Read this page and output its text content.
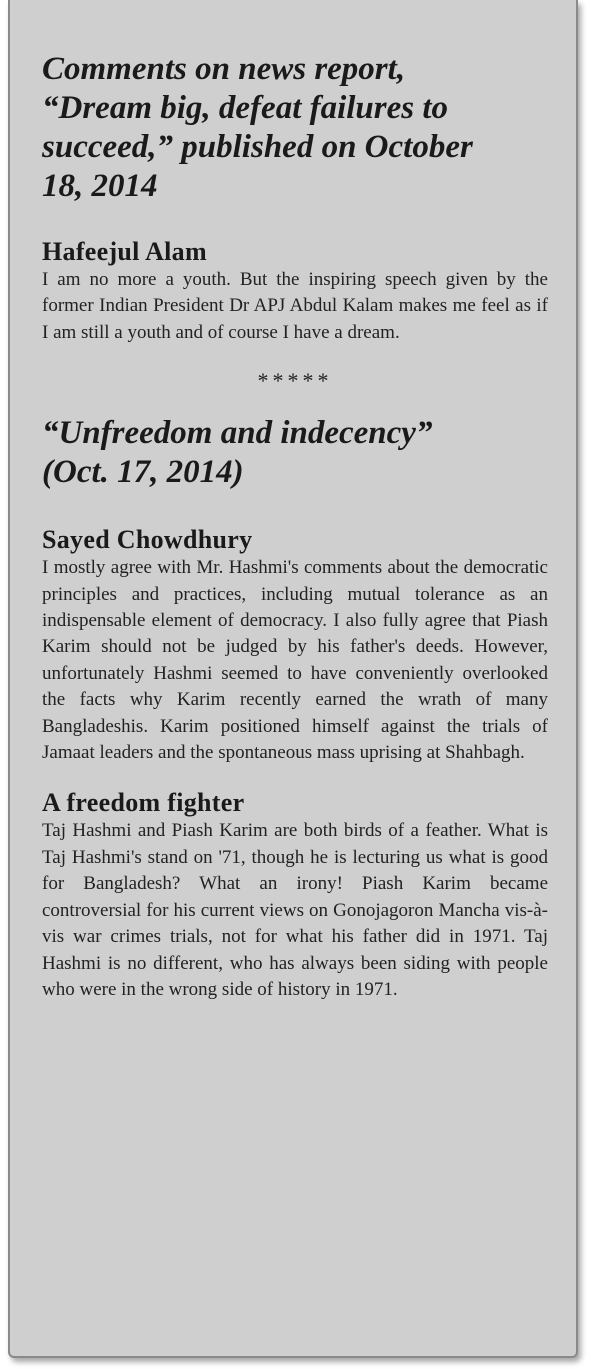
Comments on news report, “Dream big, defeat failures to succeed,” published on October 18, 2014
Hafeejul Alam

I am no more a youth. But the inspiring speech given by the former Indian President Dr APJ Abdul Kalam makes me feel as if I am still a youth and of course I have a dream.

*****

“Unfreedom and indecency” (Oct. 17, 2014)
Sayed Chowdhury

I mostly agree with Mr. Hashmi's comments about the democratic principles and practices, including mutual tolerance as an indispensable element of democracy. I also fully agree that Piash Karim should not be judged by his father's deeds. However, unfortunately Hashmi seemed to have conveniently overlooked the facts why Karim recently earned the wrath of many Bangladeshis. Karim positioned himself against the trials of Jamaat leaders and the spontaneous mass uprising at Shahbagh.

A freedom fighter

Taj Hashmi and Piash Karim are both birds of a feather. What is Taj Hashmi's stand on '71, though he is lecturing us what is good for Bangladesh? What an irony! Piash Karim became controversial for his current views on Gonojagoron Mancha vis-à-vis war crimes trials, not for what his father did in 1971. Taj Hashmi is no different, who has always been siding with people who were in the wrong side of history in 1971.
